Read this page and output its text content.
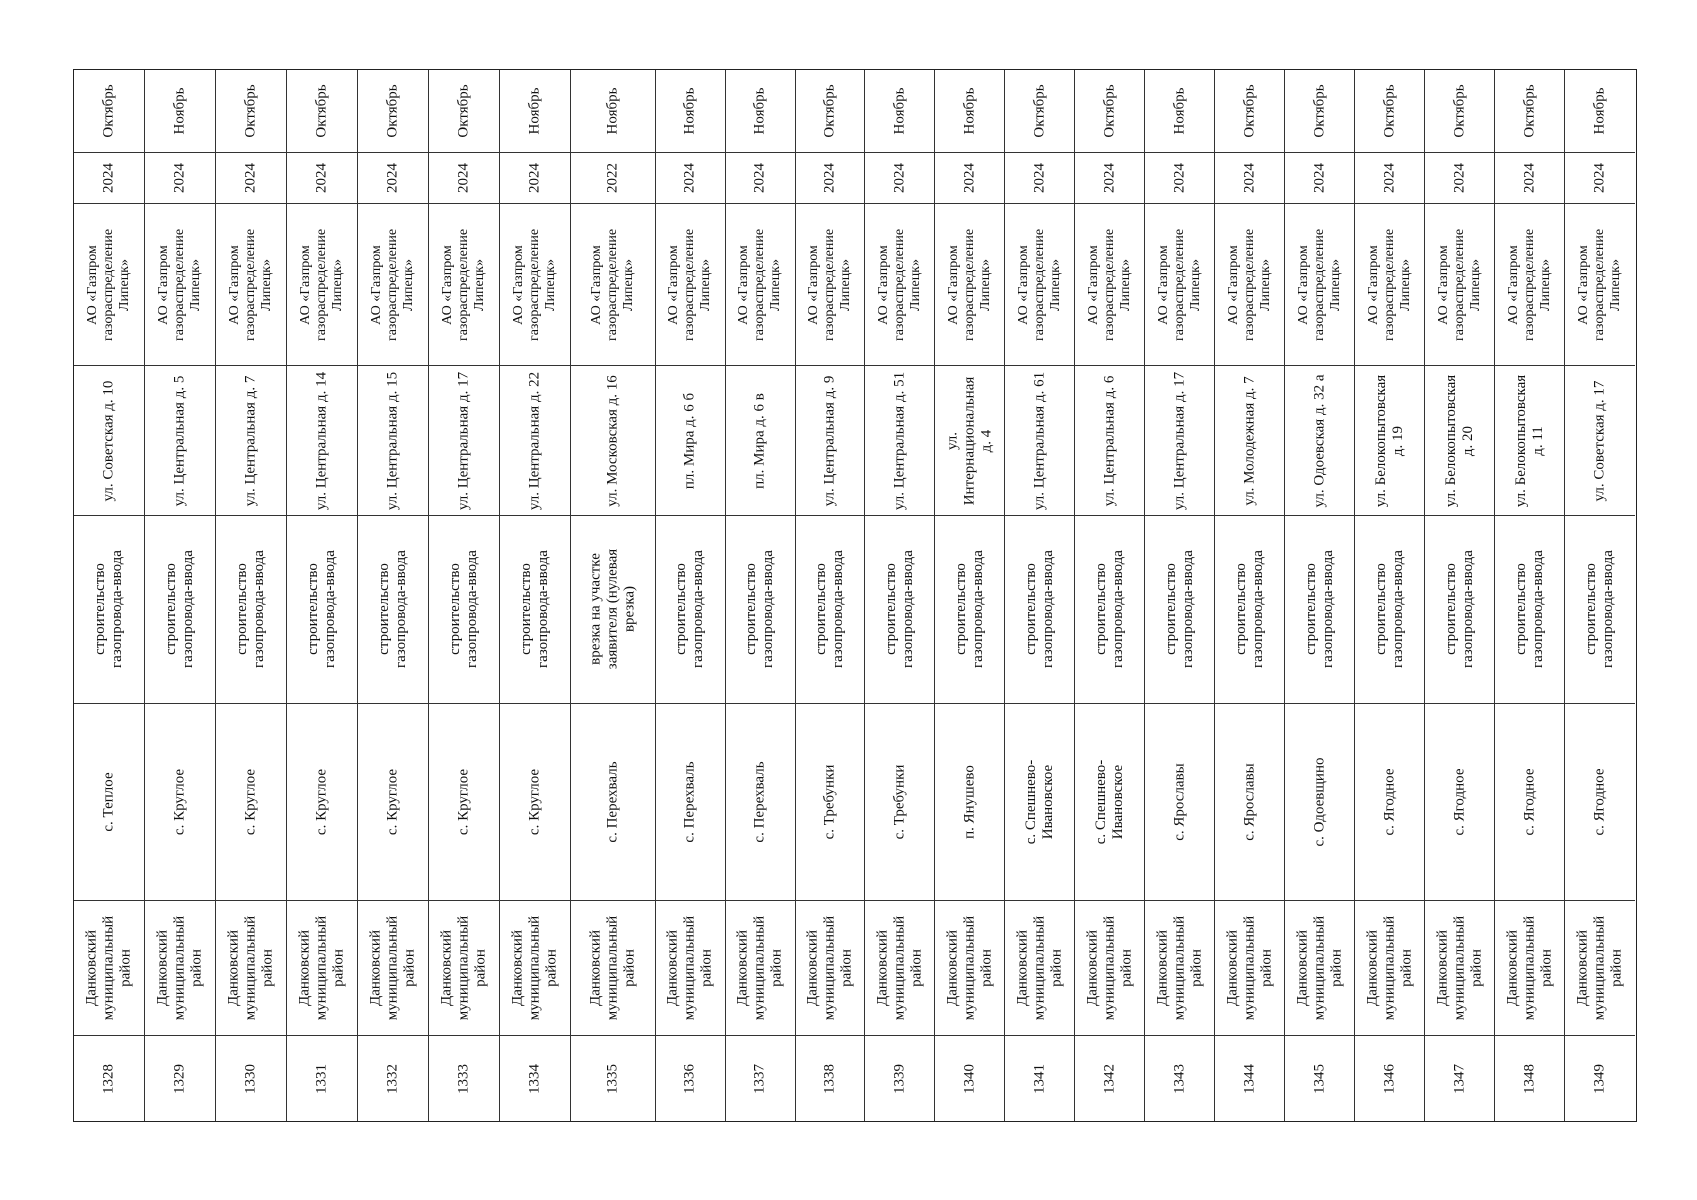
Октябрь
2024
АО «Газпром газораспределение Липецк»
ул. Советская д. 10
строительство газопровода-ввода
с. Теплое
Данковский муниципальный район
1328
Ноябрь
2024
АО «Газпром газораспределение Липецк»
ул. Центральная д. 5
строительство газопровода-ввода
с. Круглое
Данковский муниципальный район
1329
Октябрь
2024
АО «Газпром газораспределение Липецк»
ул. Центральная д. 7
строительство газопровода-ввода
с. Круглое
Данковский муниципальный район
1330
Октябрь
2024
АО «Газпром газораспределение Липецк»
ул. Центральная д. 14
строительство газопровода-ввода
с. Круглое
Данковский муниципальный район
1331
Октябрь
2024
АО «Газпром газораспределение Липецк»
ул. Центральная д. 15
строительство газопровода-ввода
с. Круглое
Данковский муниципальный район
1332
Октябрь
2024
АО «Газпром газораспределение Липецк»
ул. Центральная д. 17
строительство газопровода-ввода
с. Круглое
Данковский муниципальный район
1333
Ноябрь
2024
АО «Газпром газораспределение Липецк»
ул. Центральная д. 22
строительство газопровода-ввода
с. Круглое
Данковский муниципальный район
1334
Ноябрь
2022
АО «Газпром газораспределение Липецк»
ул. Московская д. 16
врезка на участке заявителя (нулевая врезка)
с. Перехваль
Данковский муниципальный район
1335
Ноябрь
2024
АО «Газпром газораспределение Липецк»
пл. Мира д. 6 б
строительство газопровода-ввода
с. Перехваль
Данковский муниципальный район
1336
Ноябрь
2024
АО «Газпром газораспределение Липецк»
пл. Мира д. 6 в
строительство газопровода-ввода
с. Перехваль
Данковский муниципальный район
1337
Октябрь
2024
АО «Газпром газораспределение Липецк»
ул. Центральная д. 9
строительство газопровода-ввода
с. Требунки
Данковский муниципальный район
1338
Ноябрь
2024
АО «Газпром газораспределение Липецк»
ул. Центральная д. 51
строительство газопровода-ввода
с. Требунки
Данковский муниципальный район
1339
Ноябрь
2024
АО «Газпром газораспределение Липецк»
ул. Интернациональная д. 4
строительство газопровода-ввода
п. Янушево
Данковский муниципальный район
1340
Октябрь
2024
АО «Газпром газораспределение Липецк»
ул. Центральная д. 61
строительство газопровода-ввода
с. Спешнево-Ивановское
Данковский муниципальный район
1341
Октябрь
2024
АО «Газпром газораспределение Липецк»
ул. Центральная д. 6
строительство газопровода-ввода
с. Спешнево-Ивановское
Данковский муниципальный район
1342
Ноябрь
2024
АО «Газпром газораспределение Липецк»
ул. Центральная д. 17
строительство газопровода-ввода
с. Ярославы
Данковский муниципальный район
1343
Октябрь
2024
АО «Газпром газораспределение Липецк»
ул. Молодежная д. 7
строительство газопровода-ввода
с. Ярославы
Данковский муниципальный район
1344
Октябрь
2024
АО «Газпром газораспределение Липецк»
ул. Одоевская д. 32 а
строительство газопровода-ввода
с. Одоевщино
Данковский муниципальный район
1345
Октябрь
2024
АО «Газпром газораспределение Липецк»
ул. Белокопытовская д. 19
строительство газопровода-ввода
с. Ягодное
Данковский муниципальный район
1346
Октябрь
2024
АО «Газпром газораспределение Липецк»
ул. Белокопытовская д. 20
строительство газопровода-ввода
с. Ягодное
Данковский муниципальный район
1347
Октябрь
2024
АО «Газпром газораспределение Липецк»
ул. Белокопытовская д. 11
строительство газопровода-ввода
с. Ягодное
Данковский муниципальный район
1348
Ноябрь
2024
АО «Газпром газораспределение Липецк»
ул. Советская д. 17
строительство газопровода-ввода
с. Ягодное
Данковский муниципальный район
1349
